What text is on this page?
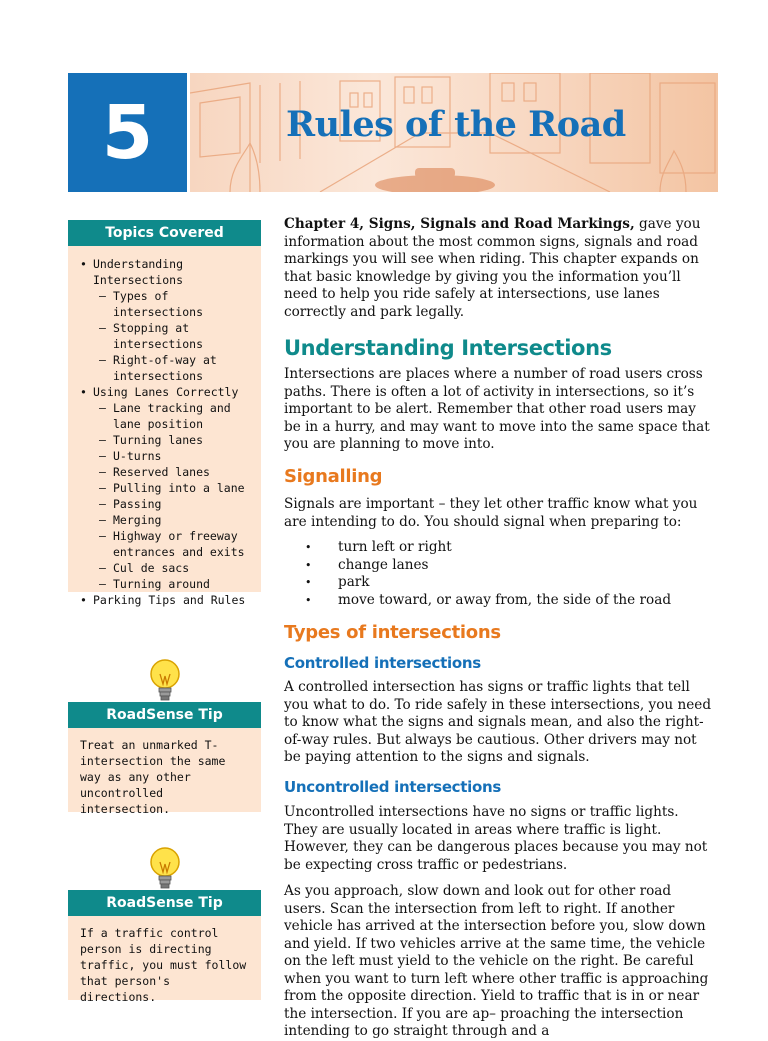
5	Rules of the Road
Topics Covered
• Understanding Intersections
– Types of intersections
– Stopping at intersections
– Right-of-way at intersections
• Using Lanes Correctly
– Lane tracking and lane position
– Turning lanes
– U-turns
– Reserved lanes
– Pulling into a lane
– Passing
– Merging
– Highway or freeway entrances and exits
– Cul de sacs
– Turning around
• Parking Tips and Rules
RoadSense Tip
Treat an unmarked T-intersection the same way as any other uncontrolled intersection.
RoadSense Tip
If a traffic control person is directing traffic, you must follow that person's directions.

Chapter 4, Signs, Signals and Road Markings, gave you information about the most common signs, signals and road markings you will see when riding. This chapter expands on that basic knowledge by giving you the information you’ll need to help you ride safely at intersections, use lanes correctly and park legally.

Understanding Intersections
Intersections are places where a number of road users cross paths. There is often a lot of activity in intersections, so it’s important to be alert. Remember that other road users may be in a hurry, and may want to move into the same space that you are planning to move into.
Signalling
Signals are important – they let other traffic know what you are intending to do. You should signal when preparing to:
• turn left or right
• change lanes
• park
• move toward, or away from, the side of the road
Types of intersections
Controlled intersections
A controlled intersection has signs or traffic lights that tell you what to do. To ride safely in these intersections, you need to know what the signs and signals mean, and also the right-of-way rules. But always be cautious. Other drivers may not be paying attention to the signs and signals.
Uncontrolled intersections
Uncontrolled intersections have no signs or traffic lights. They are usually located in areas where traffic is light. However, they can be dangerous places because you may not be expecting cross traffic or pedestrians.
As you approach, slow down and look out for other road users. Scan the intersection from left to right. If another vehicle has arrived at the intersection before you, slow down and yield. If two vehicles arrive at the same time, the vehicle on the left must yield to the vehicle on the right. Be careful when you want to turn left where other traffic is approaching from the opposite direction. Yield to traffic that is in or near the intersection. If you are ap– proaching the intersection intending to go straight through and a
